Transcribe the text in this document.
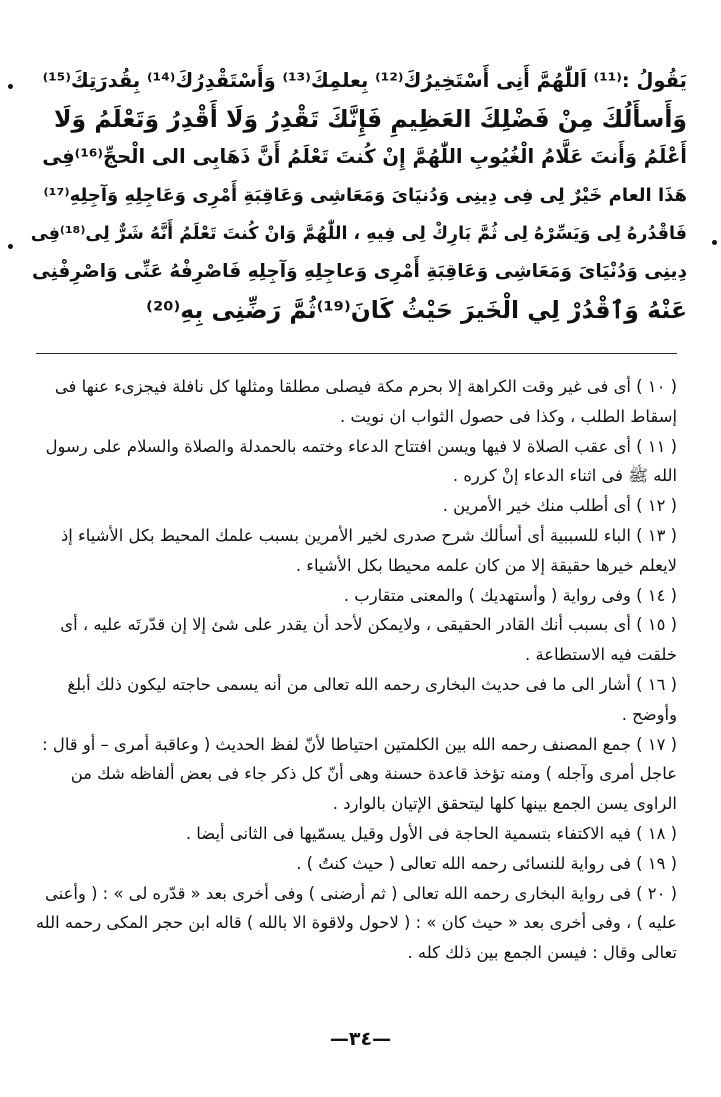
يَقُولُ :⁽¹¹⁾ اَللّٰهُمَّ أَنِى أَسْتَخِيرُكَ⁽¹²⁾ بِعلمِكَ⁽¹³⁾ وَأَسْتَقْدِرُكَ⁽¹⁴⁾ بِقُدرَتِكَ⁽¹⁵⁾
وَأَسأَلُكَ مِنْ فَضْلِكَ العَظِيمِ فَإِنَّكَ تَقْدِرُ وَلَا أَقْدِرُ وَتَعْلَمُ وَلَا
أَعْلَمُ وَأَنتَ عَلَّامُ الْغُيُوبِ اللّٰهُمَّ إِنْ كُنتَ تَعْلَمُ أَنَّ ذَهَابِى الى الْحجِّ⁽¹⁶⁾فِى
هَذَا العام خَيْرٌ لِى فِى دِينِى وَدُنيَاىَ وَمَعَاشِى وَعَاقِبَةِ أَمْرِى وَعَاجِلِهِ وَآجِلِهِ⁽¹⁷⁾
فَاقْدُرهُ لِى وَيَسِّرْهُ لِى ثُمَّ بَارِكْ لِى فِيهِ ، اللّٰهُمَّ وَانْ كُنتَ تَعْلَمُ أَنَّهُ شَرٌّ لِى⁽¹⁸⁾فِى
دِينِى وَدُنْيَاىَ وَمَعَاشِى وَعَاقِبَةِ أَمْرِى وَعاجِلِهِ وَآجِلِهِ فَاصْرِفْهُ عَنِّى وَاصْرِفْنِى
عَنْهُ وَٱقْدُرْ لِي الْخَيرَ حَيْثُ كَانَ⁽¹⁹⁾ثُمَّ رَضِّنِى بِهِ⁽²⁰⁾

( ١٠ ) أى فى غير وقت الكراهة إلا بحرم مكة فيصلى مطلقا ومثلها كل نافلة فيجزىء عنها فى إسقاط الطلب ، وكذا فى حصول الثواب ان نويت .

( ١١ ) أى عقب الصلاة لا فيها ويسن افتتاح الدعاء وختمه بالحمدلة والصلاة والسلام على رسول الله ﷺ فى اثناء الدعاء إنْ كرره .

( ١٢ ) أى أطلب منك خير الأمرين .

( ١٣ ) الباء للسببية أى أسألك شرح صدرى لخير الأمرين بسبب علمك المحيط بكل الأشياء إذ لايعلم خيرها حقيقة إلا من كان علمه محيطا بكل الأشياء .

( ١٤ ) وفى رواية ( وأستهديك ) والمعنى متقارب .

( ١٥ ) أى بسبب أنك القادر الحقيقى ، ولايمكن لأحد أن يقدر على شئ إلا إن قدّرتَه عليه ، أى خلقت فيه الاستطاعة .

( ١٦ ) أشار الى ما فى حديث البخارى رحمه الله تعالى من أنه يسمى حاجته ليكون ذلك أبلغ وأوضح .

( ١٧ ) جمع المصنف رحمه الله بين الكلمتين احتياطا لأنّ لفظ الحديث ( وعاقبة أمرى – أو قال : عاجل أمرى وآجله ) ومنه تؤخذ قاعدة حسنة وهى أنّ كل ذكر جاء فى بعض ألفاظه شك من الراوى يسن الجمع بينها كلها ليتحقق الإتيان بالوارد .

( ١٨ ) فيه الاكتفاء بتسمية الحاجة فى الأول وقيل يسمّيها فى الثانى أيضا .

( ١٩ ) فى رواية للنسائى رحمه الله تعالى ( حيث كنتُ ) .

( ٢٠ ) فى رواية البخارى رحمه الله تعالى ( ثم أرضنى ) وفى أخرى بعد « قدّره لى » : ( وأعنى عليه ) ، وفى أخرى بعد « حيث كان » : ( لاحول ولاقوة الا بالله ) قاله ابن حجر المكى رحمه الله تعالى وقال : فيسن الجمع بين ذلك كله .

—٣٤—
